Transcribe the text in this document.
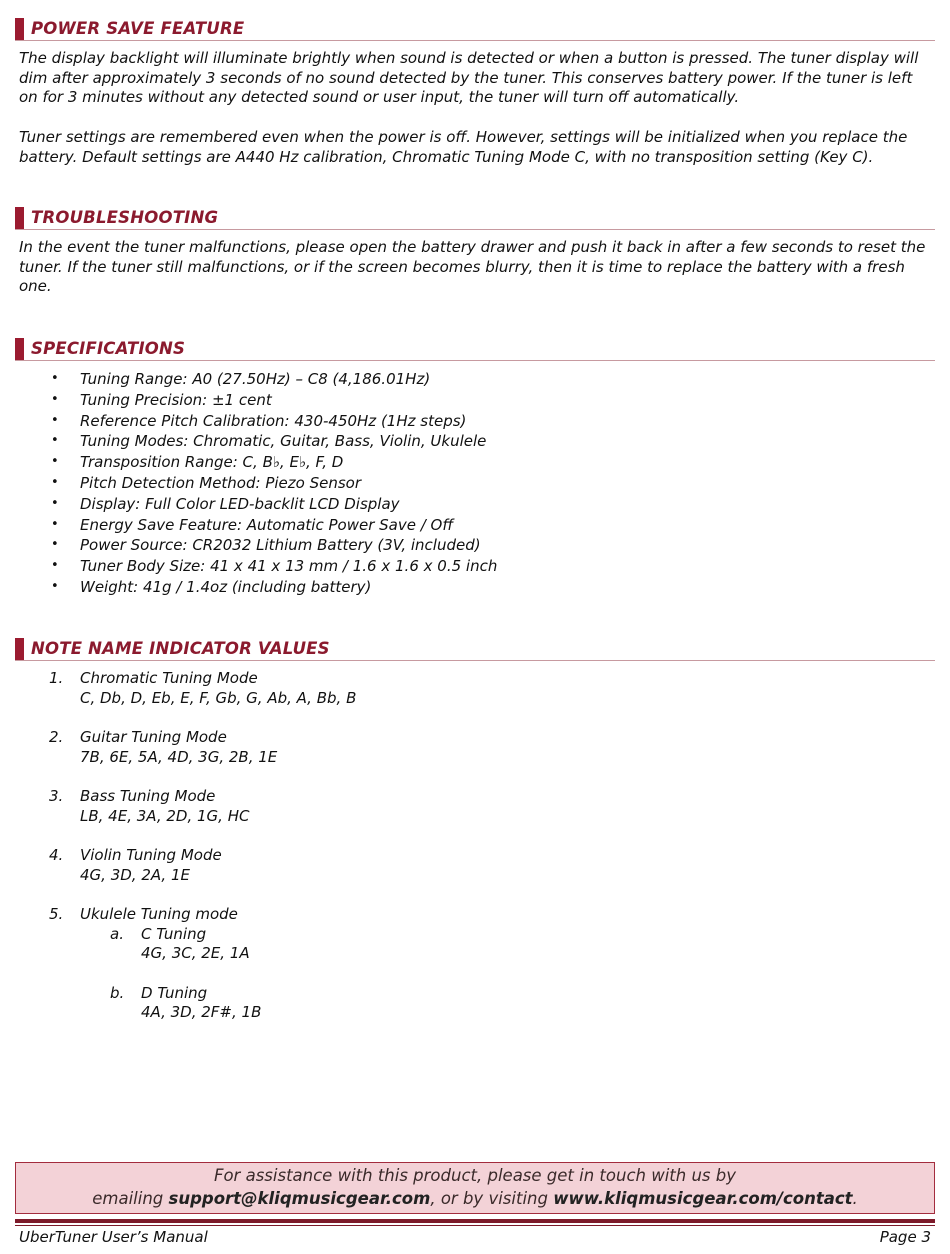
POWER SAVE FEATURE

The display backlight will illuminate brightly when sound is detected or when a button is pressed. The tuner display will dim after approximately 3 seconds of no sound detected by the tuner. This conserves battery power. If the tuner is left on for 3 minutes without any detected sound or user input, the tuner will turn off automatically.

Tuner settings are remembered even when the power is off. However, settings will be initialized when you replace the battery. Default settings are A440 Hz calibration, Chromatic Tuning Mode C, with no transposition setting (Key C).

TROUBLESHOOTING

In the event the tuner malfunctions, please open the battery drawer and push it back in after a few seconds to reset the tuner. If the tuner still malfunctions, or if the screen becomes blurry, then it is time to replace the battery with a fresh one.

SPECIFICATIONS
• Tuning Range: A0 (27.50Hz) – C8 (4,186.01Hz)
• Tuning Precision: ±1 cent
• Reference Pitch Calibration: 430-450Hz (1Hz steps)
• Tuning Modes: Chromatic, Guitar, Bass, Violin, Ukulele
• Transposition Range: C, B♭, E♭, F, D
• Pitch Detection Method: Piezo Sensor
• Display: Full Color LED-backlit LCD Display
• Energy Save Feature: Automatic Power Save / Off
• Power Source: CR2032 Lithium Battery (3V, included)
• Tuner Body Size: 41 x 41 x 13 mm / 1.6 x 1.6 x 0.5 inch
• Weight: 41g / 1.4oz (including battery)
NOTE NAME INDICATOR VALUES
1. Chromatic Tuning Mode
C, Db, D, Eb, E, F, Gb, G, Ab, A, Bb, B
2. Guitar Tuning Mode
7B, 6E, 5A, 4D, 3G, 2B, 1E
3. Bass Tuning Mode
LB, 4E, 3A, 2D, 1G, HC
4. Violin Tuning Mode
4G, 3D, 2A, 1E
5. Ukulele Tuning mode
a. C Tuning
4G, 3C, 2E, 1A
b. D Tuning
4A, 3D, 2F#, 1B
For assistance with this product, please get in touch with us by
emailing support@kliqmusicgear.com, or by visiting www.kliqmusicgear.com/contact.
UberTuner User’s Manual	Page 3
